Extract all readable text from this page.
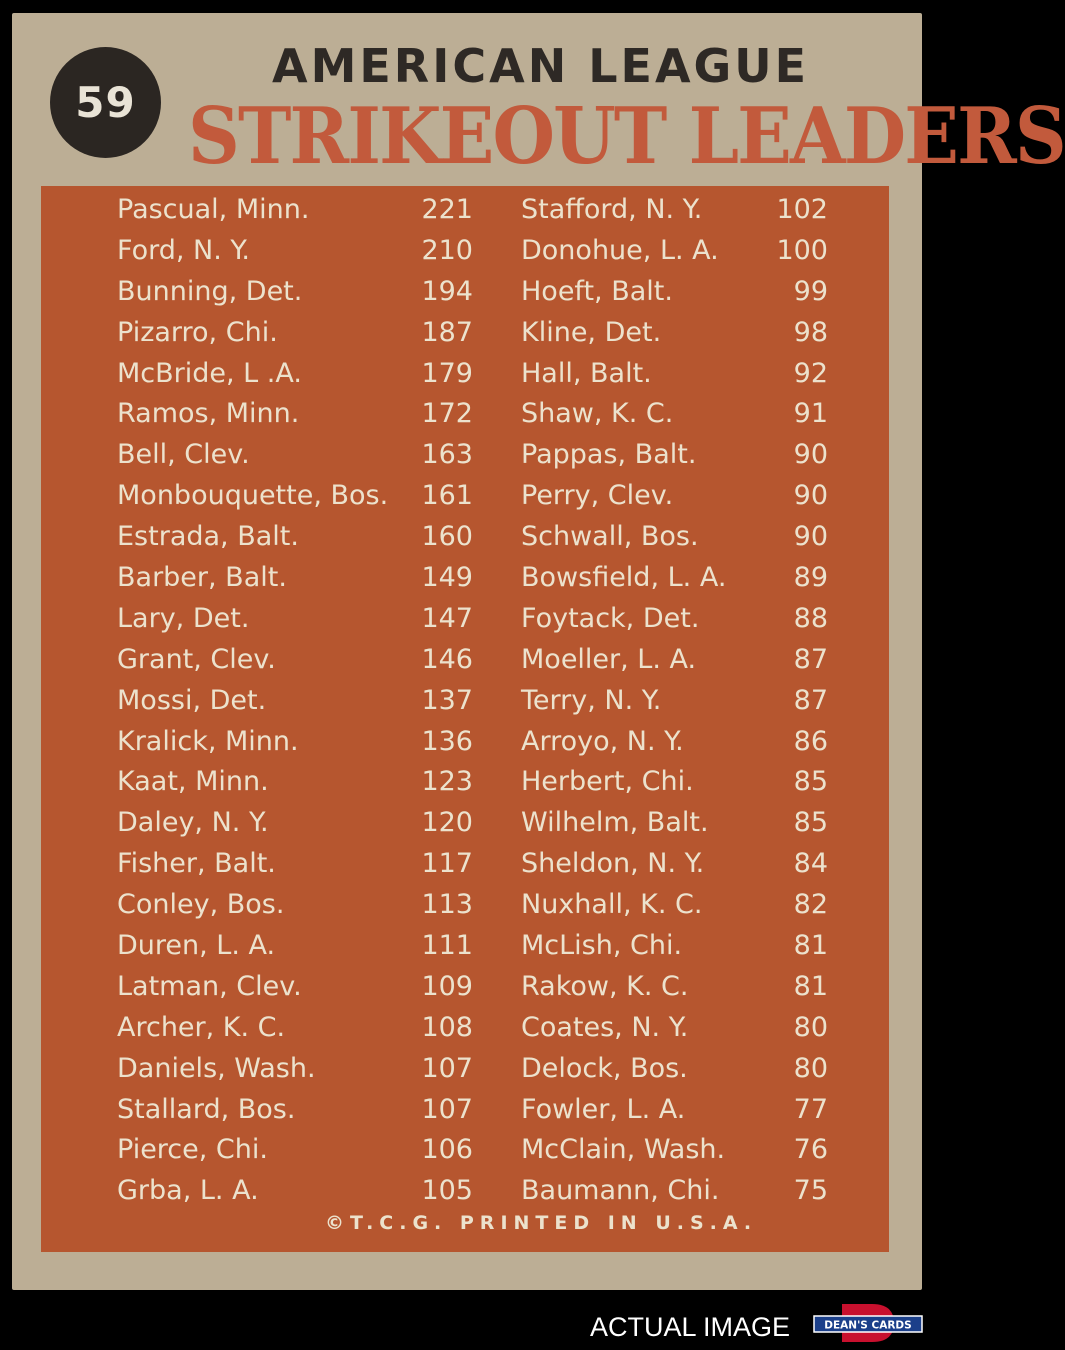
59
AMERICAN LEAGUE
STRIKEOUT LEADERS
Pascual, Minn.	221
Ford, N. Y.	210
Bunning, Det.	194
Pizarro, Chi.	187
McBride, L .A.	179
Ramos, Minn.	172
Bell, Clev.	163
Monbouquette, Bos. 161
Estrada, Balt.	160
Barber, Balt.	149
Lary, Det.	147
Grant, Clev.	146
Mossi, Det.	137
Kralick, Minn.	136
Kaat, Minn.	123
Daley, N. Y.	120
Fisher, Balt.	117
Conley, Bos.	113
Duren, L. A.	111
Latman, Clev.	109
Archer, K. C.	108
Daniels, Wash.	107
Stallard, Bos.	107
Pierce, Chi.	106
Grba, L. A.	105
Stafford, N. Y.	102
Donohue, L. A. 100
Hoeft, Balt.	99
Kline, Det.	98
Hall, Balt.	92
Shaw, K. C.	91
Pappas, Balt.	90
Perry, Clev.	90
Schwall, Bos.	90
Bowsfield, L. A. 89
Foytack, Det.	88
Moeller, L. A.	87
Terry, N. Y.	87
Arroyo, N. Y.	86
Herbert, Chi.	85
Wilhelm, Balt.	85
Sheldon, N. Y.	84
Nuxhall, K. C.	82
McLish, Chi.	81
Rakow, K. C.	81
Coates, N. Y.	80
Delock, Bos.	80
Fowler, L. A.	77
McClain, Wash.	76
Baumann, Chi.	75
©T.C.G. PRINTED IN U.S.A.
ACTUAL IMAGE	DEAN'S CARDS
